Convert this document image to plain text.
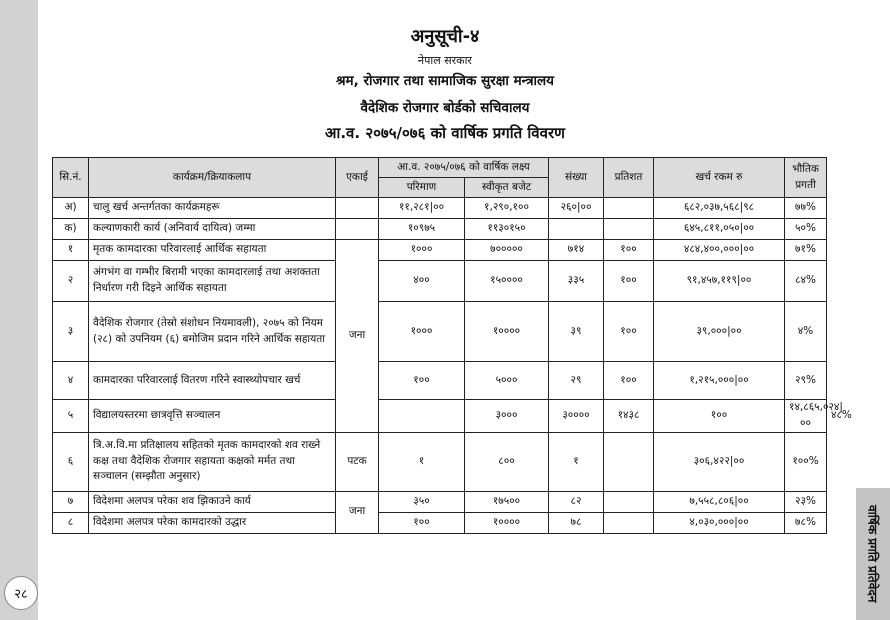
२८	वार्षिक प्रगति प्रतिवेदन
अनुसूची-४
नेपाल सरकार
श्रम, रोजगार तथा सामाजिक सुरक्षा मन्त्रालय
वैदेशिक रोजगार बोर्डको सचिवालय
आ.व. २०७५/०७६ को वार्षिक प्रगति विवरण
सि.नं.	कार्यक्रम/क्रियाकलाप	एकाई	आ.व. २०७५/०७६ को वार्षिक लक्ष्य		संख्या	प्रतिशत	खर्च रकम रु	भौतिक प्रगती	
			परिमाण	स्वीकृत बजेट					
अ)	चालु खर्च अन्तर्गतका कार्यक्रमहरू		११,२८१|००	१,२९०,१००	२६०|००		६८२,०३७,५६८|९८	७७%	
क)	कल्याणकारी कार्य (अनिवार्य दायित्व) जम्मा		१०९७५	११३०१५०			६४५,८११,०५०|००	५०%	
१	मृतक कामदारका परिवारलाई आर्थिक सहायता	जना	१०००	७०००००	७१४	१००	४८४,४००,०००|००	७१%	
२	अंगभंग वा गम्भीर बिरामी भएका कामदारलाई तथा अशक्तता निर्धारण गरी दिइने आर्थिक सहायता		४००	१५००००	३३५	१००	९१,४५७,११९|००	८४%	
३	वैदेशिक रोजगार (तेस्रो संशोधन नियमावली), २०७५ को नियम (२८) को उपनियम (६) बमोजिम प्रदान गरिने आर्थिक सहायता		१०००	१००००	३९	१००	३९,०००|००	४%	
४	कामदारका परिवारलाई वितरण गरिने स्वास्थ्योपचार खर्च		१००	५०००	२९	१००	१,२१५,०००|००	२९%	
५	विद्यालयस्तरमा छात्रवृत्ति सञ्चालन			३०००	३००००	१४३८	१००	१४,८६५,०२४|००	४८%
६	त्रि.अ.वि.मा प्रतिक्षालय सहितको मृतक कामदारको शव राख्ने कक्ष तथा वैदेशिक रोजगार सहायता कक्षको मर्मत तथा सञ्चालन (सम्झौता अनुसार)	पटक	१	८००	१		३०६,४२२|००	१००%	
७	विदेशमा अलपत्र परेका शव झिकाउने कार्य	जना	३५०	१७५००	८२		७,५५८,८०६|००	२३%	
८	विदेशमा अलपत्र परेका कामदारको उद्धार		१००	१००००	७८		४,०३०,०००|००	७८%	
